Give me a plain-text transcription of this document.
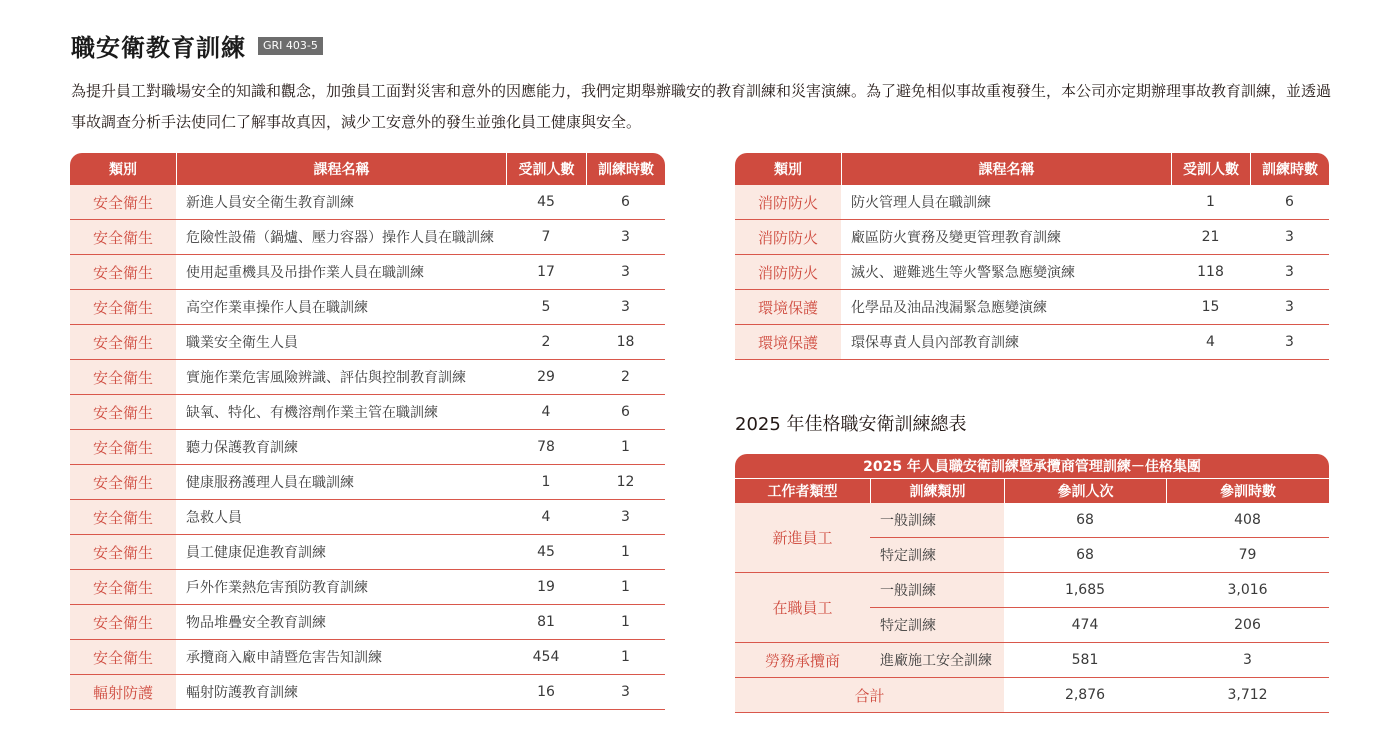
職安衛教育訓練	GRI 403-5
為提升員工對職場安全的知識和觀念，加強員工面對災害和意外的因應能力，我們定期舉辦職安的教育訓練和災害演練。為了避免相似事故重複發生，本公司亦定期辦理事故教育訓練，並透過事故調查分析手法使同仁了解事故真因，減少工安意外的發生並強化員工健康與安全。
類別	課程名稱	受訓人數	訓練時數
安全衛生	新進人員安全衛生教育訓練	45	6
安全衛生	危險性設備（鍋爐、壓力容器）操作人員在職訓練	7	3
安全衛生	使用起重機具及吊掛作業人員在職訓練	17	3
安全衛生	高空作業車操作人員在職訓練	5	3
安全衛生	職業安全衛生人員	2	18
安全衛生	實施作業危害風險辨識、評估與控制教育訓練	29	2
安全衛生	缺氧、特化、有機溶劑作業主管在職訓練	4	6
安全衛生	聽力保護教育訓練	78	1
安全衛生	健康服務護理人員在職訓練	1	12
安全衛生	急救人員	4	3
安全衛生	員工健康促進教育訓練	45	1
安全衛生	戶外作業熱危害預防教育訓練	19	1
安全衛生	物品堆疊安全教育訓練	81	1
安全衛生	承攬商入廠申請暨危害告知訓練	454	1
輻射防護	輻射防護教育訓練	16	3
類別	課程名稱	受訓人數	訓練時數
消防防火	防火管理人員在職訓練	1	6
消防防火	廠區防火實務及變更管理教育訓練	21	3
消防防火	滅火、避難逃生等火警緊急應變演練	118	3
環境保護	化學品及油品洩漏緊急應變演練	15	3
環境保護	環保專責人員內部教育訓練	4	3
2025 年佳格職安衛訓練總表
2025 年人員職安衛訓練暨承攬商管理訓練－佳格集團			
工作者類型	訓練類別	參訓人次	參訓時數
新進員工	一般訓練	68	408
	特定訓練	68	79
在職員工	一般訓練	1,685	3,016
	特定訓練	474	206
勞務承攬商	進廠施工安全訓練	581	3
合計		2,876	3,712
